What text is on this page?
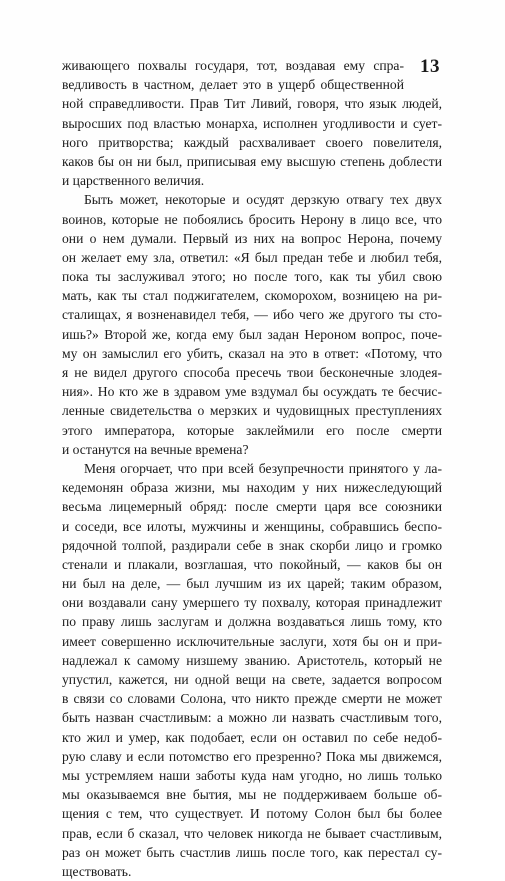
13
живающего похвалы государя, тот, воздавая ему спра-
ведливость в частном, делает это в ущерб общественной
ной справедливости. Прав Тит Ливий, говоря, что язык людей,
выросших под властью монарха, исполнен угодливости и сует-
ного притворства; каждый расхваливает своего повелителя,
каков бы он ни был, приписывая ему высшую степень доблести
и царственного величия.
Быть может, некоторые и осудят дерзкую отвагу тех двух
воинов, которые не побоялись бросить Нерону в лицо все, что
они о нем думали. Первый из них на вопрос Нерона, почему
он желает ему зла, ответил: «Я был предан тебе и любил тебя,
пока ты заслуживал этого; но после того, как ты убил свою
мать, как ты стал поджигателем, скоморохом, возницею на ри-
сталищах, я возненавидел тебя, — ибо чего же другого ты сто-
ишь?» Второй же, когда ему был задан Нероном вопрос, поче-
му он замыслил его убить, сказал на это в ответ: «Потому, что
я не видел другого способа пресечь твои бесконечные злодея-
ния». Но кто же в здравом уме вздумал бы осуждать те бесчис-
ленные свидетельства о мерзких и чудовищных преступлениях
этого императора, которые заклеймили его после смерти
и останутся на вечные времена?
Меня огорчает, что при всей безупречности принятого у ла-
кедемонян образа жизни, мы находим у них нижеследующий
весьма лицемерный обряд: после смерти царя все союзники
и соседи, все илоты, мужчины и женщины, собравшись беспо-
рядочной толпой, раздирали себе в знак скорби лицо и громко
стенали и плакали, возглашая, что покойный, — каков бы он
ни был на деле, — был лучшим из их царей; таким образом,
они воздавали сану умершего ту похвалу, которая принадлежит
по праву лишь заслугам и должна воздаваться лишь тому, кто
имеет совершенно исключительные заслуги, хотя бы он и при-
надлежал к самому низшему званию. Аристотель, который не
упустил, кажется, ни одной вещи на свете, задается вопросом
в связи со словами Солона, что никто прежде смерти не может
быть назван счастливым: а можно ли назвать счастливым того,
кто жил и умер, как подобает, если он оставил по себе недоб-
рую славу и если потомство его презренно? Пока мы движемся,
мы устремляем наши заботы куда нам угодно, но лишь только
мы оказываемся вне бытия, мы не поддерживаем больше об-
щения с тем, что существует. И потому Солон был бы более
прав, если б сказал, что человек никогда не бывает счастливым,
раз он может быть счастлив лишь после того, как перестал су-
ществовать.
